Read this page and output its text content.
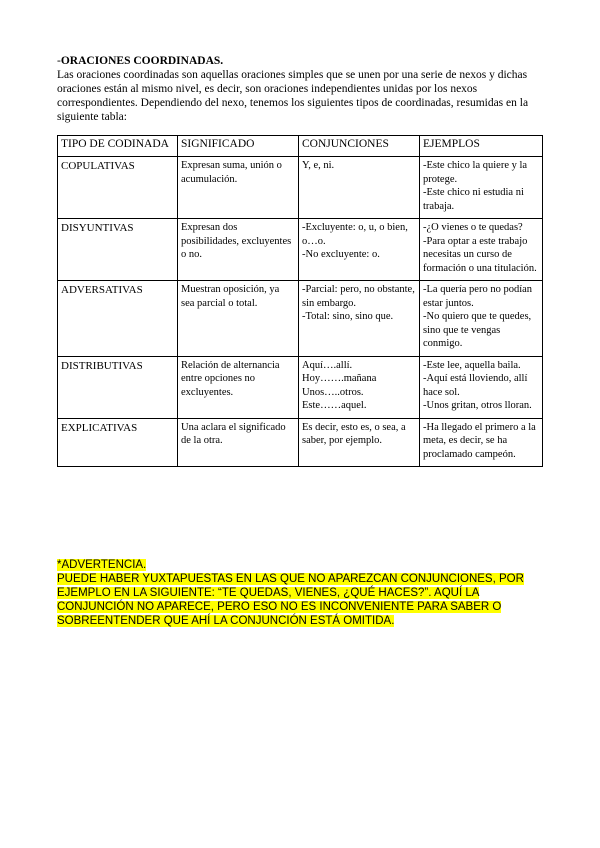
-ORACIONES COORDINADAS.

Las oraciones coordinadas son aquellas oraciones simples que se unen por una serie de nexos y dichas oraciones están al mismo nivel, es decir, son oraciones independientes unidas por los nexos correspondientes. Dependiendo del nexo, tenemos los siguientes tipos de coordinadas, resumidas en la siguiente tabla:

TIPO DE CODINADA	SIGNIFICADO	CONJUNCIONES	EJEMPLOS
COPULATIVAS	Expresan suma, unión o acumulación.	Y, e, ni.	-Este chico la quiere y la protege.
-Este chico ni estudia ni trabaja.

DISYUNTIVAS	Expresan dos posibilidades, excluyentes o no.	-Excluyente: o, u, o bien, o…o.
-No excluyente: o.	-¿O vienes o te quedas?
-Para optar a este trabajo necesitas un curso de formación o una titulación.

ADVERSATIVAS	Muestran oposición, ya sea parcial o total.	-Parcial: pero, no obstante, sin embargo.
-Total: sino, sino que.	-La quería pero no podían estar juntos.
-No quiero que te quedes, sino que te vengas conmigo.

DISTRIBUTIVAS	Relación de alternancia entre opciones no excluyentes.	Aquí….allí.
Hoy…….mañana
Unos…..otros.
Este……aquel.	-Este lee, aquella baila.
-Aquí está lloviendo, allí hace sol.
-Unos gritan, otros lloran.

EXPLICATIVAS	Una aclara el significado de la otra.	Es decir, esto es, o sea, a saber, por ejemplo.	-Ha llegado el primero a la meta, es decir, se ha proclamado campeón.
*ADVERTENCIA.
PUEDE HABER YUXTAPUESTAS EN LAS QUE NO APAREZCAN CONJUNCIONES, POR EJEMPLO EN LA SIGUIENTE: “TE QUEDAS, VIENES, ¿QUÉ HACES?”. AQUÍ LA CONJUNCIÓN NO APARECE, PERO ESO NO ES INCONVENIENTE PARA SABER O SOBREENTENDER QUE AHÍ LA CONJUNCIÓN ESTÁ OMITIDA.
